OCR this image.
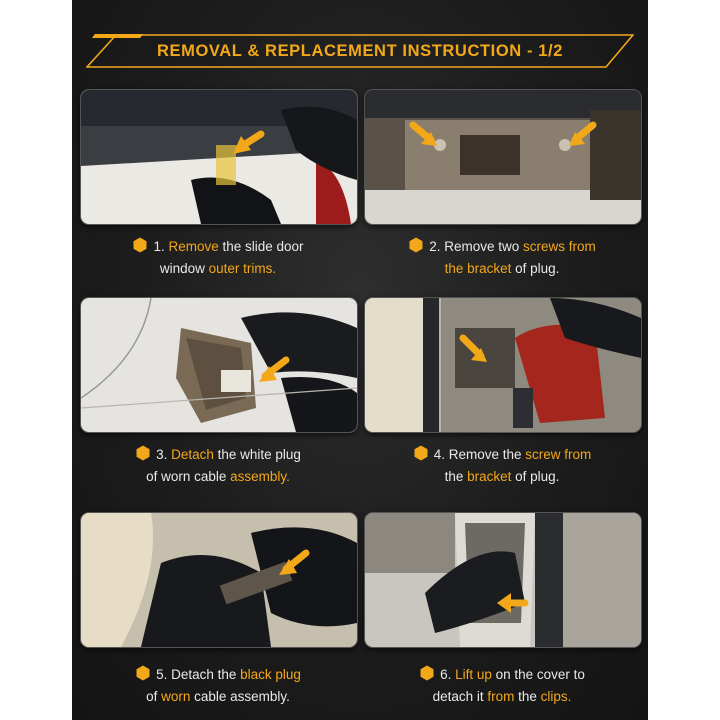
REMOVAL & REPLACEMENT INSTRUCTION - 1/2
1. Remove the slide door
window outer trims.
2. Remove two screws from
the bracket of plug.
3. Detach the white plug
of worn cable assembly.
4. Remove the screw from
the bracket of plug.
5. Detach the black plug
of worn cable assembly.
6. Lift up on the cover to
detach it from the clips.
